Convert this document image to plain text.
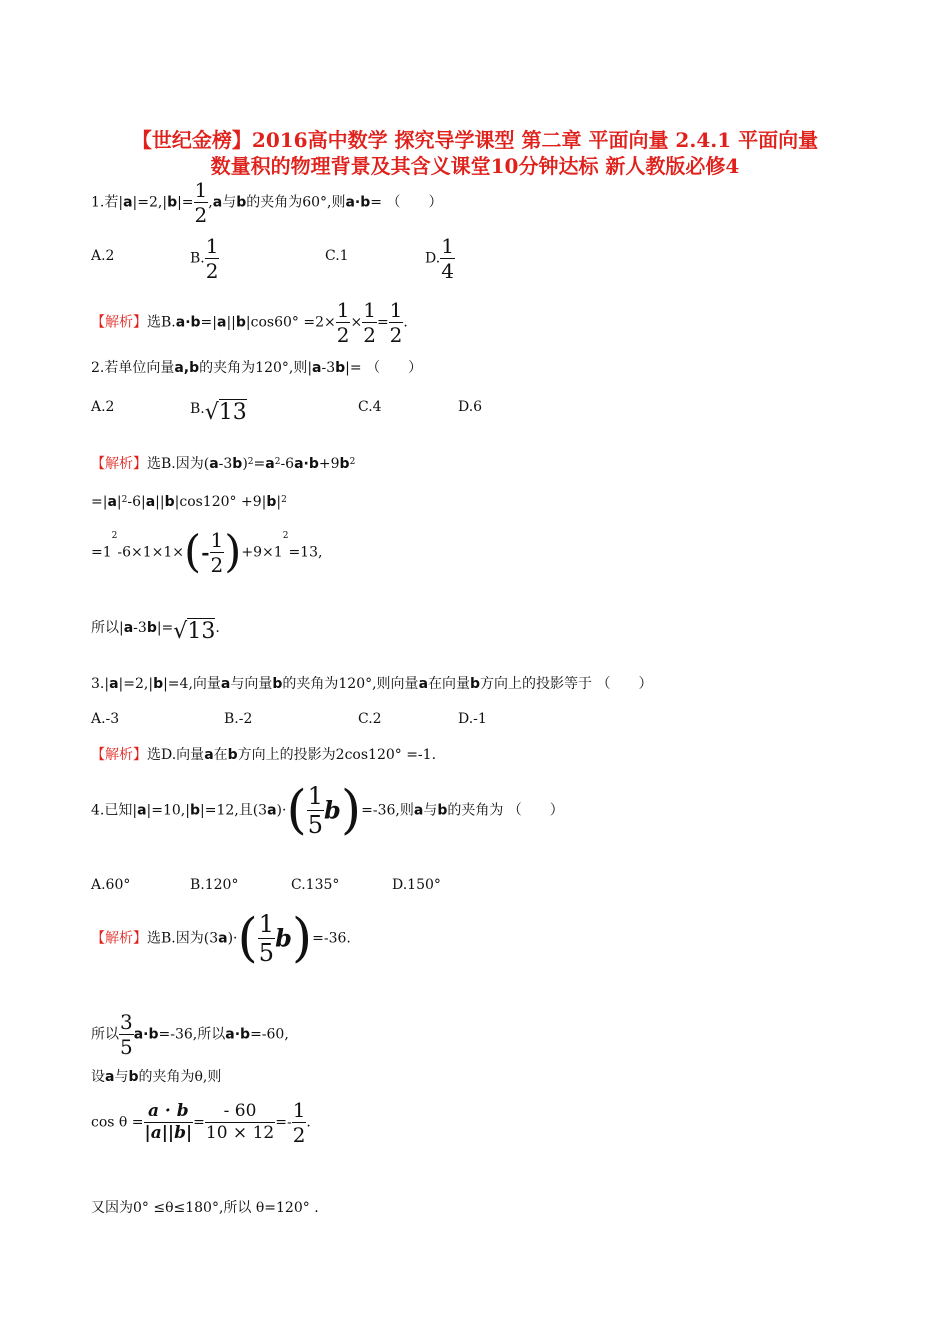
【世纪金榜】2016高中数学 探究导学课型 第二章 平面向量 2.4.1 平面向量
数量积的物理背景及其含义课堂10分钟达标 新人教版必修4
1.若$|a|=2,|b|= \frac{1}{2} ,a$与b的夹角为60°,则a·b= （　　）
A.2	B. $\frac{1}{2}$	C.1	D. $\frac{1}{4}$
【解析】选$B.a\cdot b=|a||b|\cos 60^\circ =2\times \frac{1}{2} \times \frac{1}{2} = \frac{1}{2}$ .
2.若单位向量a,b的夹角为120°,则|a-3b|= （　　）
A.2	B.√13	C.4	D.6
【解析】选B.因为$(a-3b)^2=a^2-6a\cdot b+9b^2$
$=|a|^2-6|a||b|\cos 120^\circ +9|b|^2$
$=1^2-6\times 1\times 1\times(- \frac{1}{2} )+9\times 1^2=13$,
所以|a-3b|=√13.
3.|a|=2,|b|=4,向量a与向量b的夹角为120°,则向量a在向量b方向上的投影等于 （　　）
A.-3	B.-2	C.2	D.-1
【解析】选D.向量a在b方向上的投影为2cos120° =-1.
4.已知|a|=10,|b|=12,且$(3a)\cdot( \frac{1}{5} b)=-36$,则a与b的夹角为 （　　）
A.60°	B.120°	C.135°	D.150°
【解析】选B.因为$(3a)\cdot( \frac{1}{5} b)=-36$.
所以 $\frac{3}{5} a\cdot b=-36$,所以a·b=-60,
设a与b的夹角为θ,则
$\cos \theta = \frac{a \cdot b}{|a||b|} = \frac{- 60}{10 \times 12} =- \frac{1}{2}$ .
又因为0° ≤θ≤180°,所以 θ=120° .
